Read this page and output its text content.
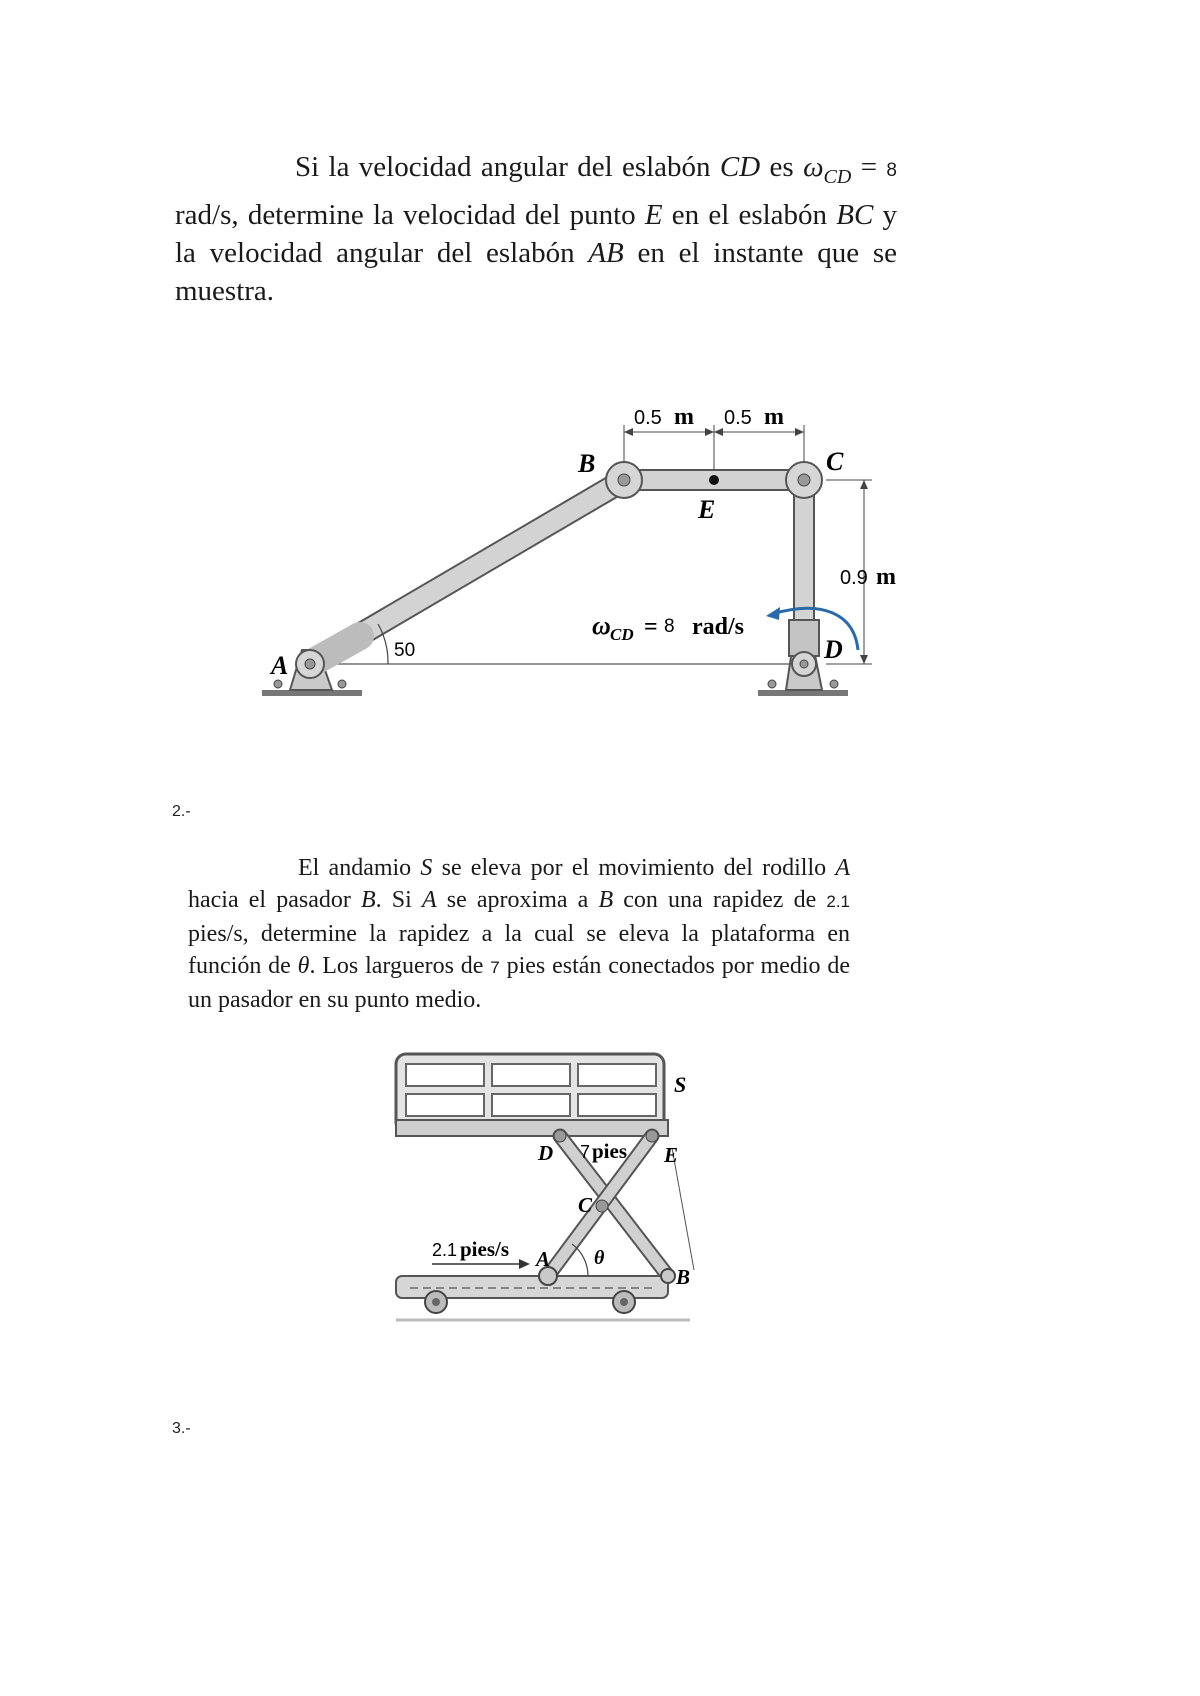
Si la velocidad angular del eslabón CD es $\omega_{CD} = 8$ rad/s, determine la velocidad del punto E en el eslabón BC y la velocidad angular del eslabón AB en el instante que se muestra.
A
B	C
D
E
0.5 m 0.5 m
0.9 m
50
ω CD = 8 rad/s
2.-
El andamio S se eleva por el movimiento del rodillo A hacia el pasador B. Si A se aproxima a B con una rapidez de 2.1 pies/s, determine la rapidez a la cual se eleva la plataforma en función de θ. Los largueros de 7 pies están conectados por medio de un pasador en su punto medio.
S
D	E
C
A
B
θ
7 pies
2.1 pies/s
3.-
